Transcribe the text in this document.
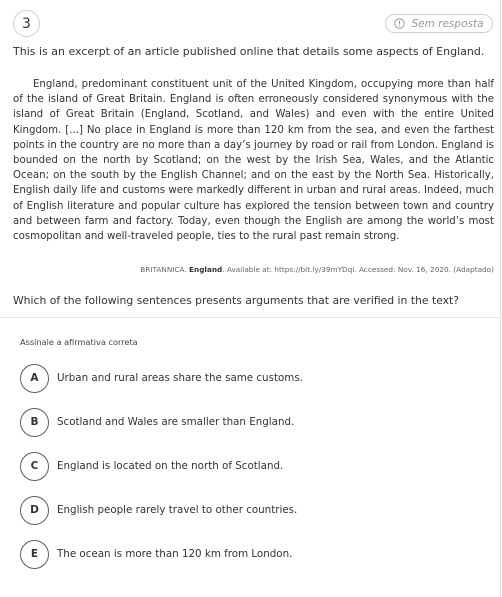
3	Sem resposta
This is an excerpt of an article published online that details some aspects of England.

England, predominant constituent unit of the United Kingdom, occupying more than half of the island of Great Britain. England is often erroneously considered synonymous with the island of Great Britain (England, Scotland, and Wales) and even with the entire United Kingdom. [...] No place in England is more than 120 km from the sea, and even the farthest points in the country are no more than a day’s journey by road or rail from London. England is bounded on the north by Scotland; on the west by the Irish Sea, Wales, and the Atlantic Ocean; on the south by the English Channel; and on the east by the North Sea. Historically, English daily life and customs were markedly different in urban and rural areas. Indeed, much of English literature and popular culture has explored the tension between town and country and between farm and factory. Today, even though the English are among the world’s most cosmopolitan and well-traveled people, ties to the rural past remain strong.

BRITANNICA. England. Available at: https://bit.ly/39mYDql. Accessed: Nov. 16, 2020. (Adaptado)
Which of the following sentences presents arguments that are verified in the text?
Assinale a afirmativa correta
A	Urban and rural areas share the same customs.
B	Scotland and Wales are smaller than England.
C	England is located on the north of Scotland.
D	English people rarely travel to other countries.
E	The ocean is more than 120 km from London.
